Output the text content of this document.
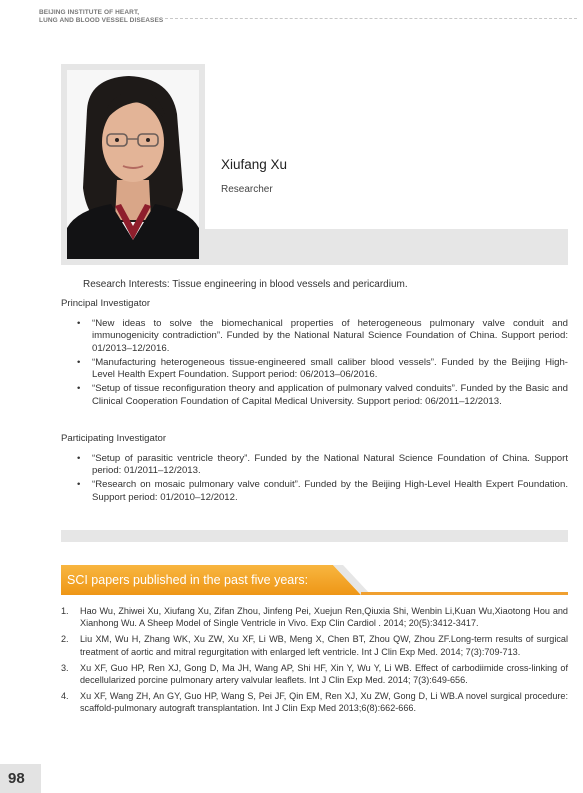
BEIJING INSTITUTE OF HEART,
LUNG AND BLOOD VESSEL DISEASES
Xiufang Xu
Researcher
Research Interests: Tissue engineering in blood vessels and pericardium.
Principal Investigator
• “New ideas to solve the biomechanical properties of heterogeneous pulmonary valve conduit and immunogenicity contradiction”. Funded by the National Natural Science Foundation of China. Support period: 01/2013–12/2016.
• “Manufacturing heterogeneous tissue-engineered small caliber blood vessels”. Funded by the Beijing High-Level Health Expert Foundation. Support period: 06/2013–06/2016.
• “Setup of tissue reconfiguration theory and application of pulmonary valved conduits”. Funded by the Basic and Clinical Cooperation Foundation of Capital Medical University. Support period: 06/2011–12/2013.
Participating Investigator
• “Setup of parasitic ventricle theory”. Funded by the National Natural Science Foundation of China. Support period: 01/2011–12/2013.
• “Research on mosaic pulmonary valve conduit”. Funded by the Beijing High-Level Health Expert Foundation. Support period: 01/2010–12/2012.
SCI papers published in the past five years:
1. Hao Wu, Zhiwei Xu, Xiufang Xu, Zifan Zhou, Jinfeng Pei, Xuejun Ren,Qiuxia Shi, Wenbin Li,Kuan Wu,Xiaotong Hou and Xianhong Wu. A Sheep Model of Single Ventricle in Vivo. Exp Clin Cardiol . 2014; 20(5):3412-3417.
2. Liu XM, Wu H, Zhang WK, Xu ZW, Xu XF, Li WB, Meng X, Chen BT, Zhou QW, Zhou ZF.Long-term results of surgical treatment of aortic and mitral regurgitation with enlarged left ventricle. Int J Clin Exp Med. 2014; 7(3):709-713.
3. Xu XF, Guo HP, Ren XJ, Gong D, Ma JH, Wang AP, Shi HF, Xin Y, Wu Y, Li WB. Effect of carbodiimide cross-linking of decellularized porcine pulmonary artery valvular leaflets. Int J Clin Exp Med. 2014; 7(3):649-656.
4. Xu XF, Wang ZH, An GY, Guo HP, Wang S, Pei JF, Qin EM, Ren XJ, Xu ZW, Gong D, Li WB.A novel surgical procedure: scaffold-pulmonary autograft transplantation. Int J Clin Exp Med 2013;6(8):662-666.
98
